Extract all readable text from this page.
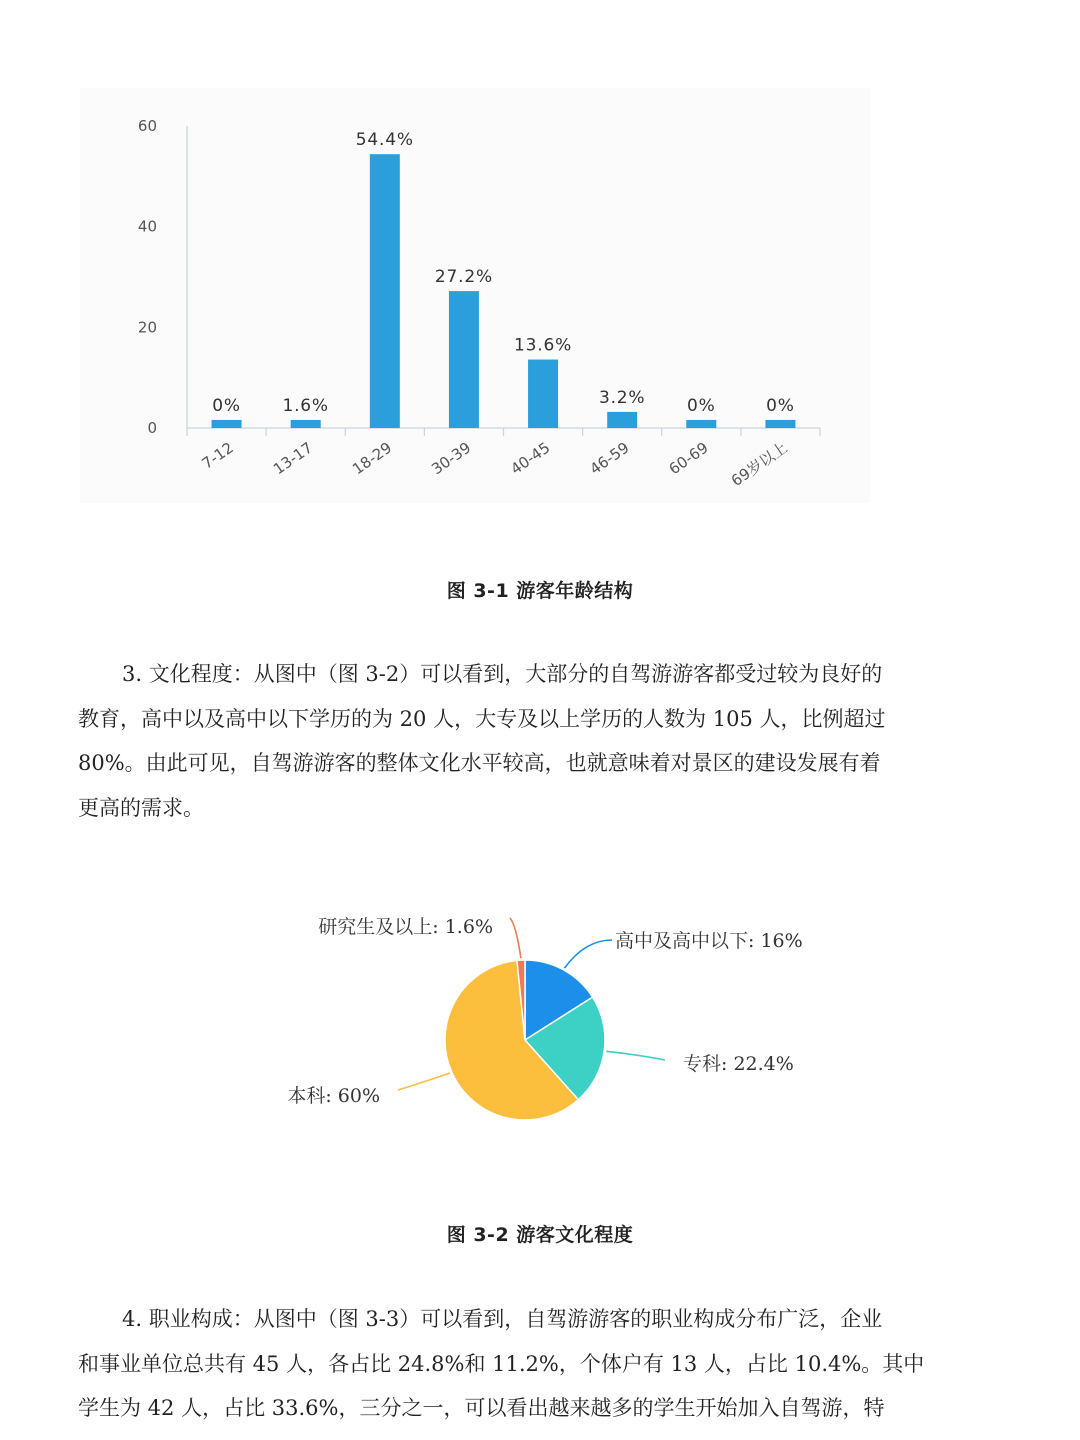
0
20
40
60
0%
7-12
1.6%
13-17
54.4%
18-29
27.2%
30-39
13.6%
40-45
3.2%
46-59
0%
60-69
0%
69岁以上
图 3-1 游客年龄结构
3. 文化程度：从图中（图 3-2）可以看到，大部分的自驾游游客都受过较为良好的
教育，高中以及高中以下学历的为 20 人，大专及以上学历的人数为 105 人，比例超过
80%。由此可见，自驾游游客的整体文化水平较高，也就意味着对景区的建设发展有着
更高的需求。
高中及高中以下: 16%
专科: 22.4%
本科: 60%
研究生及以上: 1.6%
图 3-2 游客文化程度
4. 职业构成：从图中（图 3-3）可以看到，自驾游游客的职业构成分布广泛，企业
和事业单位总共有 45 人，各占比 24.8%和 11.2%，个体户有 13 人，占比 10.4%。其中
学生为 42 人，占比 33.6%，三分之一，可以看出越来越多的学生开始加入自驾游，特
